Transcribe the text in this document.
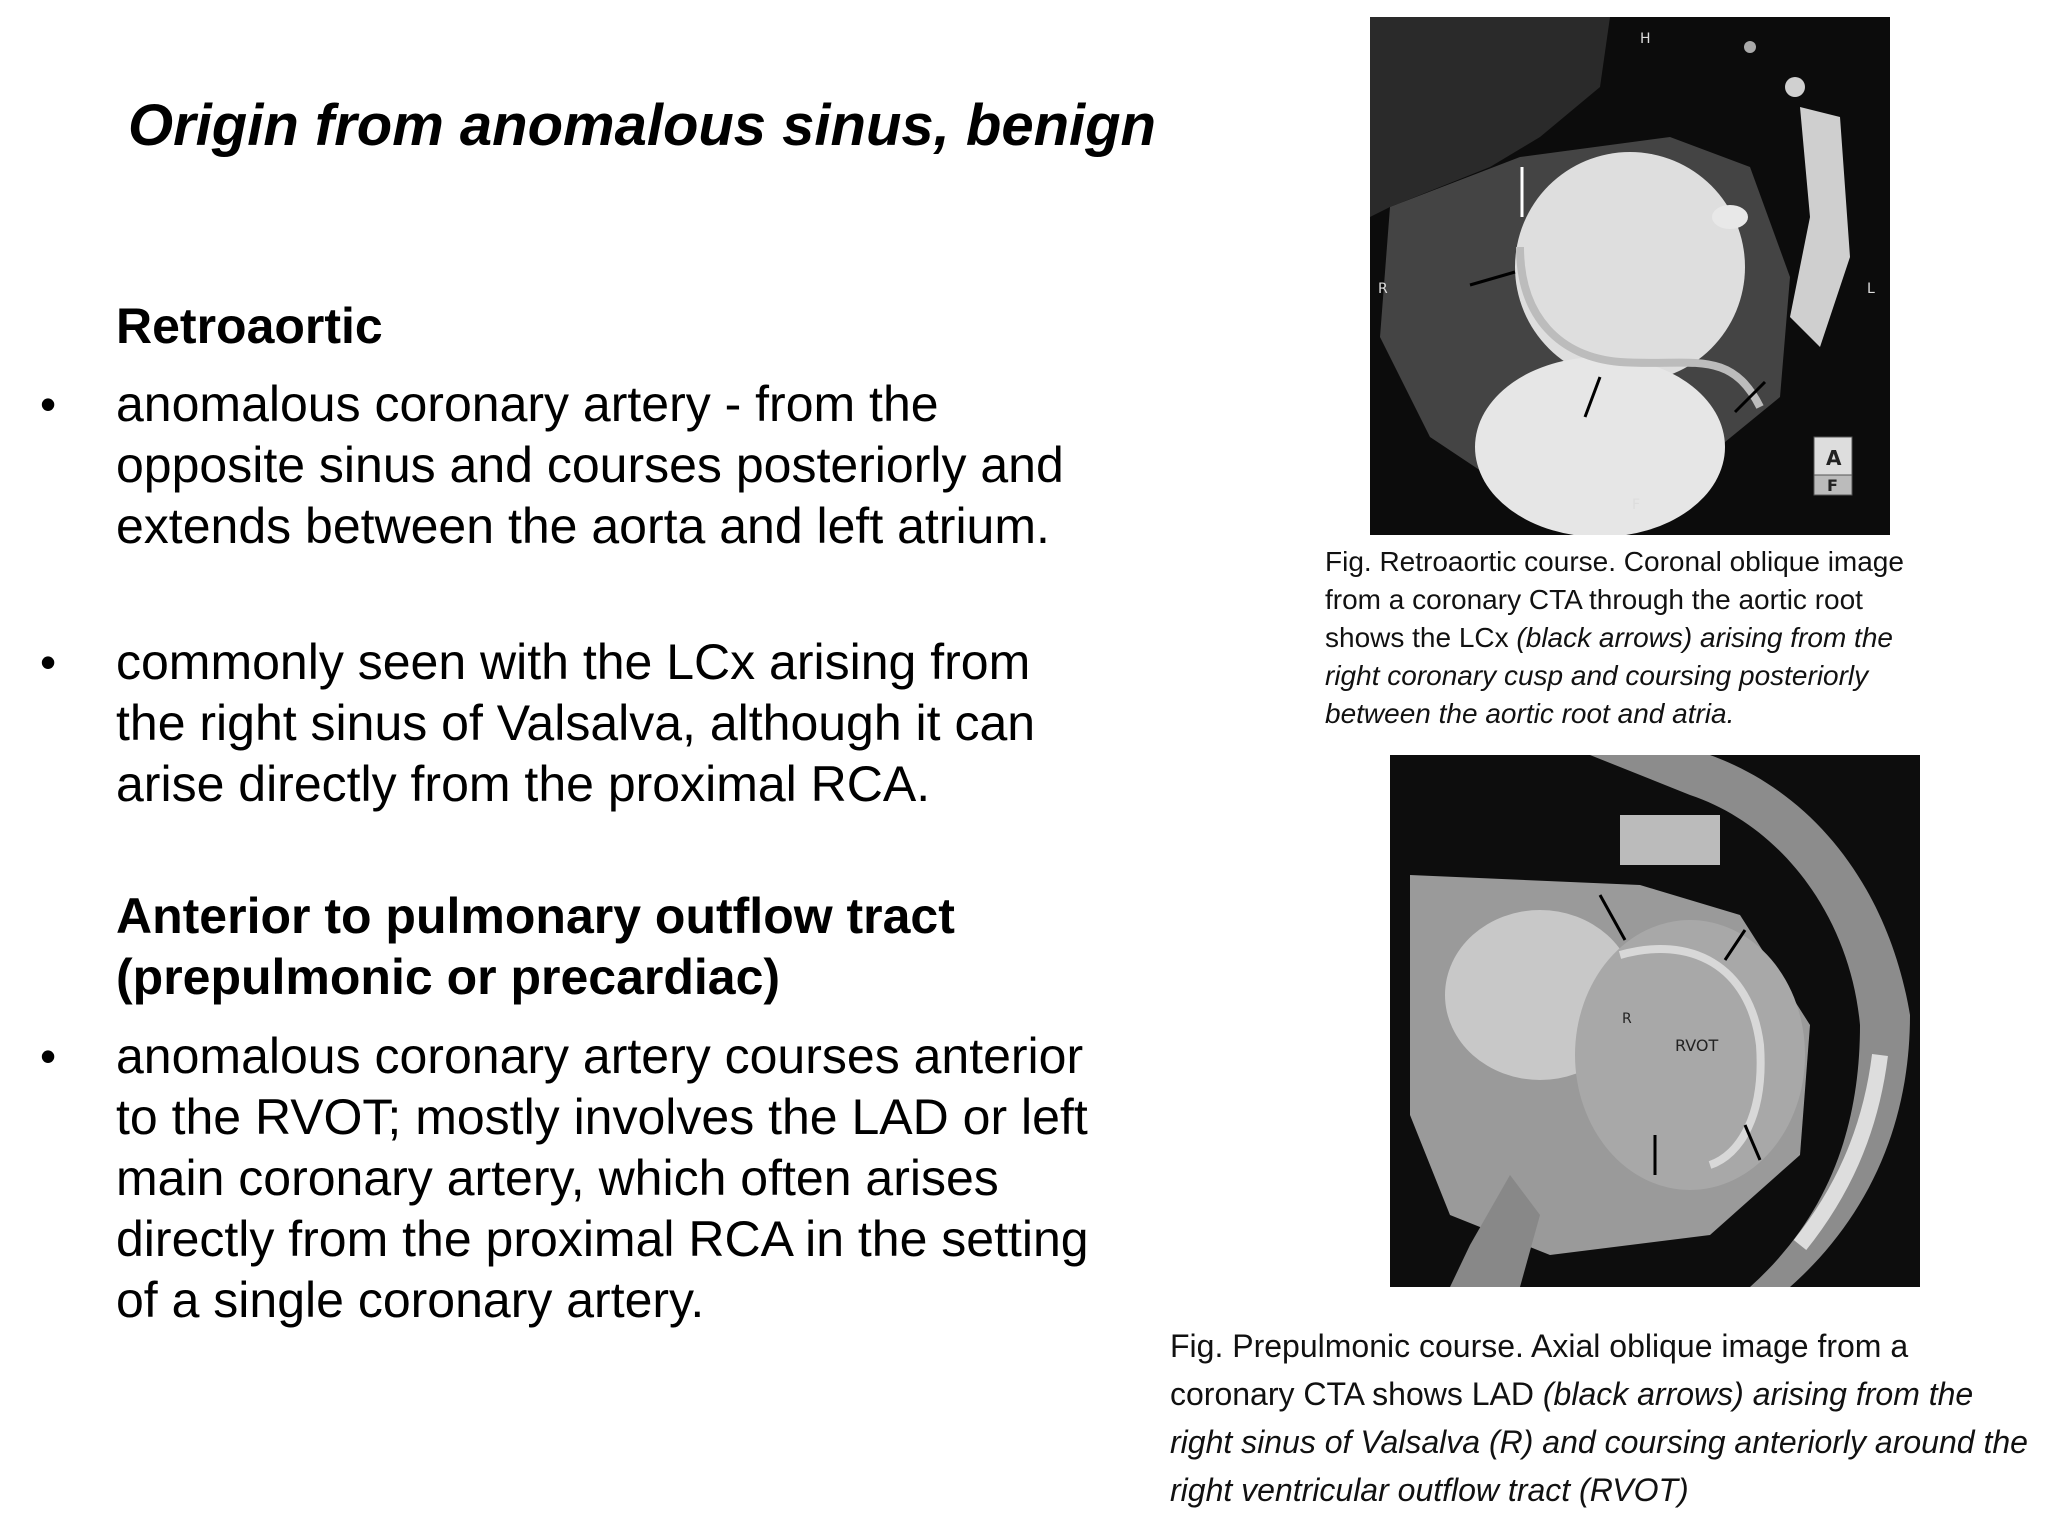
Origin from anomalous sinus, benign
Retroaortic
•	anomalous coronary artery - from the opposite sinus and courses posteriorly and extends between the aorta and left atrium.
•	commonly seen with the LCx arising from the right sinus of Valsalva, although it can arise directly from the proximal RCA.
Anterior to pulmonary outflow tract
(prepulmonic or precardiac)
•	anomalous coronary artery courses anterior to the RVOT; mostly involves the LAD or left main coronary artery, which often arises directly from the proximal RCA in the setting of a single coronary artery.
H
R	L
F
A
F
Fig. Retroaortic course. Coronal oblique image from a coronary CTA through the aortic root shows the LCx (black arrows) arising from the right coronary cusp and coursing posteriorly between the aortic root and atria.
R
RVOT
Fig. Prepulmonic course. Axial oblique image from a coronary CTA shows LAD (black arrows) arising from the right sinus of Valsalva (R) and coursing anteriorly around the right ventricular outflow tract (RVOT)
